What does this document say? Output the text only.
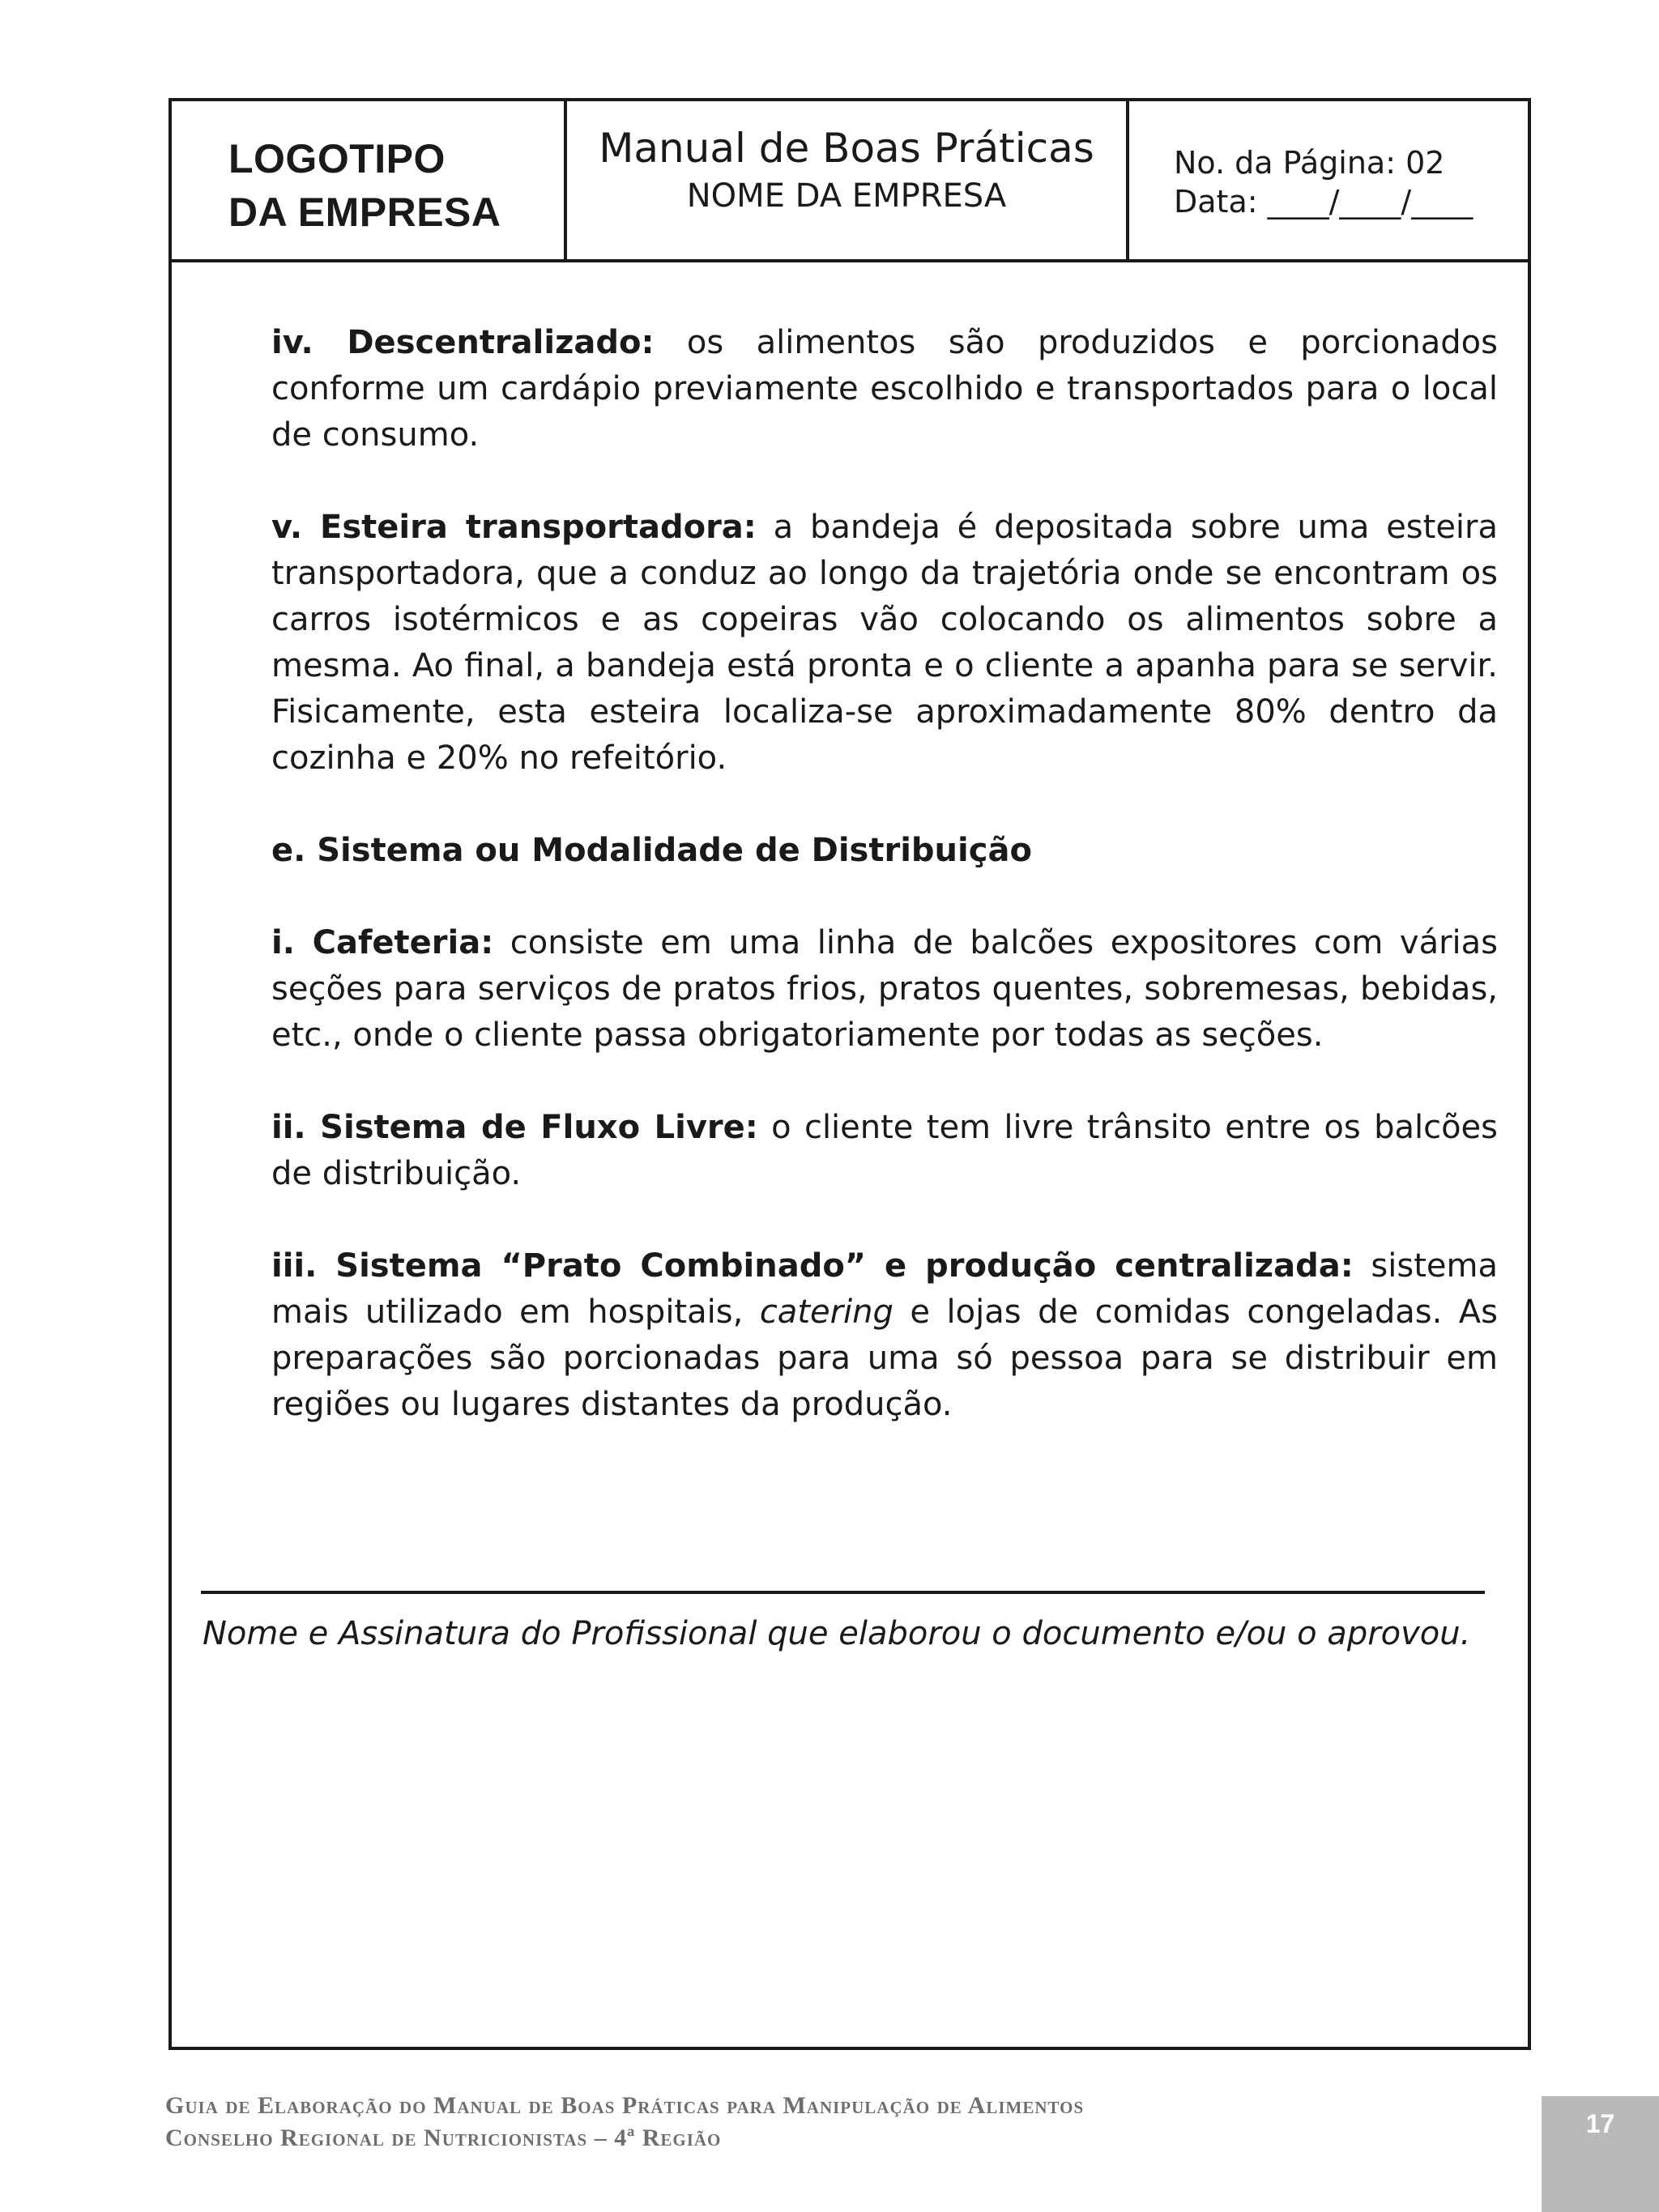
LOGOTIPO
DA EMPRESA
Manual de Boas Práticas
NOME DA EMPRESA
No. da Página: 02
Data: ____/____/____

iv. Descentralizado: os alimentos são produzidos e porcionados conforme um cardápio previamente escolhido e transportados para o local de consumo.

v. Esteira transportadora: a bandeja é depositada sobre uma esteira transportadora, que a conduz ao longo da trajetória onde se encontram os carros isotérmicos e as copeiras vão colocando os alimentos sobre a mesma. Ao final, a bandeja está pronta e o cliente a apanha para se servir. Fisicamente, esta esteira localiza-se aproximadamente 80% dentro da cozinha e 20% no refeitório.

e. Sistema ou Modalidade de Distribuição

i. Cafeteria: consiste em uma linha de balcões expositores com várias seções para serviços de pratos frios, pratos quentes, sobremesas, bebidas, etc., onde o cliente passa obrigatoriamente por todas as seções.

ii. Sistema de Fluxo Livre: o cliente tem livre trânsito entre os balcões de distribuição.

iii. Sistema “Prato Combinado” e produção centralizada: sistema mais utilizado em hospitais, catering e lojas de comidas congeladas. As preparações são porcionadas para uma só pessoa para se distribuir em regiões ou lugares distantes da produção.

Nome e Assinatura do Profissional que elaborou o documento e/ou o aprovou.
Guia de Elaboração do Manual de Boas Práticas para Manipulação de Alimentos
Conselho Regional de Nutricionistas – 4ª Região	17
